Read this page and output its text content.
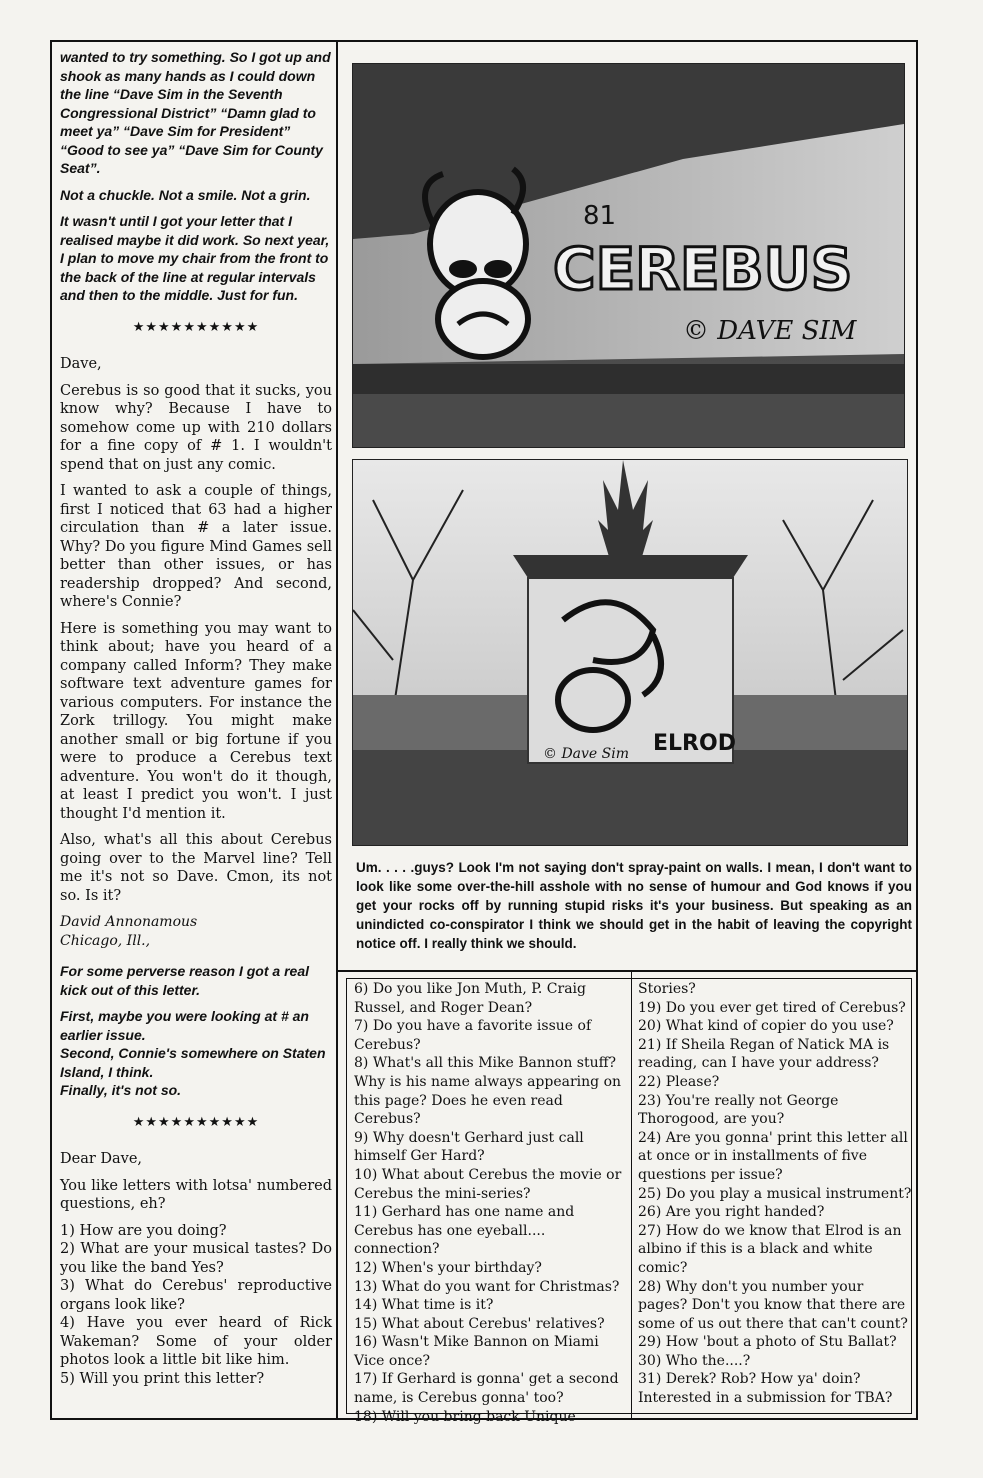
wanted to try something. So I got up and shook as many hands as I could down the line “Dave Sim in the Seventh Congressional District” “Damn glad to meet ya” “Dave Sim for President” “Good to see ya” “Dave Sim for County Seat”.

Not a chuckle. Not a smile. Not a grin.

It wasn't until I got your letter that I realised maybe it did work. So next year, I plan to move my chair from the front to the back of the line at regular intervals and then to the middle. Just for fun.

★★★★★★★★★★

Dave,

Cerebus is so good that it sucks, you know why? Because I have to somehow come up with 210 dollars for a fine copy of # 1. I wouldn't spend that on just any comic.

I wanted to ask a couple of things, first I noticed that 63 had a higher circulation than # a later issue. Why? Do you figure Mind Games sell better than other issues, or has readership dropped? And second, where's Connie?

Here is something you may want to think about; have you heard of a company called Inform? They make software text adventure games for various computers. For instance the Zork trillogy. You might make another small or big fortune if you were to produce a Cerebus text adventure. You won't do it though, at least I predict you won't. I just thought I'd mention it.

Also, what's all this about Cerebus going over to the Marvel line? Tell me it's not so Dave. Cmon, its not so. Is it?

David Annonamous

Chicago, Ill.,

For some perverse reason I got a real kick out of this letter.

First, maybe you were looking at # an earlier issue.

Second, Connie's somewhere on Staten Island, I think.

Finally, it's not so.

★★★★★★★★★★

Dear Dave,

You like letters with lotsa' numbered questions, eh?

1) How are you doing?
2) What are your musical tastes? Do you like the band Yes?
3) What do Cerebus' reproductive organs look like?
4) Have you ever heard of Rick Wakeman? Some of your older photos look a little bit like him.
5) Will you print this letter?
CEREBUS
81
© DAVE SIM
ELROD
© Dave Sim
Um. . . . .guys? Look I'm not saying don't spray-paint on walls. I mean, I don't want to look like some over-the-hill asshole with no sense of humour and God knows if you get your rocks off by running stupid risks it's your business. But speaking as an unindicted co-conspirator I think we should get in the habit of leaving the copyright notice off. I really think we should.
6) Do you like Jon Muth, P. Craig Russel, and Roger Dean?
7) Do you have a favorite issue of Cerebus?
8) What's all this Mike Bannon stuff? Why is his name always appearing on this page? Does he even read Cerebus?
9) Why doesn't Gerhard just call himself Ger Hard?
10) What about Cerebus the movie or Cerebus the mini-series?
11) Gerhard has one name and Cerebus has one eyeball.... connection?
12) When's your birthday?
13) What do you want for Christmas?
14) What time is it?
15) What about Cerebus' relatives?
16) Wasn't Mike Bannon on Miami Vice once?
17) If Gerhard is gonna' get a second name, is Cerebus gonna' too?
18) Will you bring back Unique
Stories?
19) Do you ever get tired of Cerebus?
20) What kind of copier do you use?
21) If Sheila Regan of Natick MA is reading, can I have your address?
22) Please?
23) You're really not George Thorogood, are you?
24) Are you gonna' print this letter all at once or in installments of five questions per issue?
25) Do you play a musical instrument?
26) Are you right handed?
27) How do we know that Elrod is an albino if this is a black and white comic?
28) Why don't you number your pages? Don't you know that there are some of us out there that can't count?
29) How 'bout a photo of Stu Ballat?
30) Who the....?
31) Derek? Rob? How ya' doin? Interested in a submission for TBA?
